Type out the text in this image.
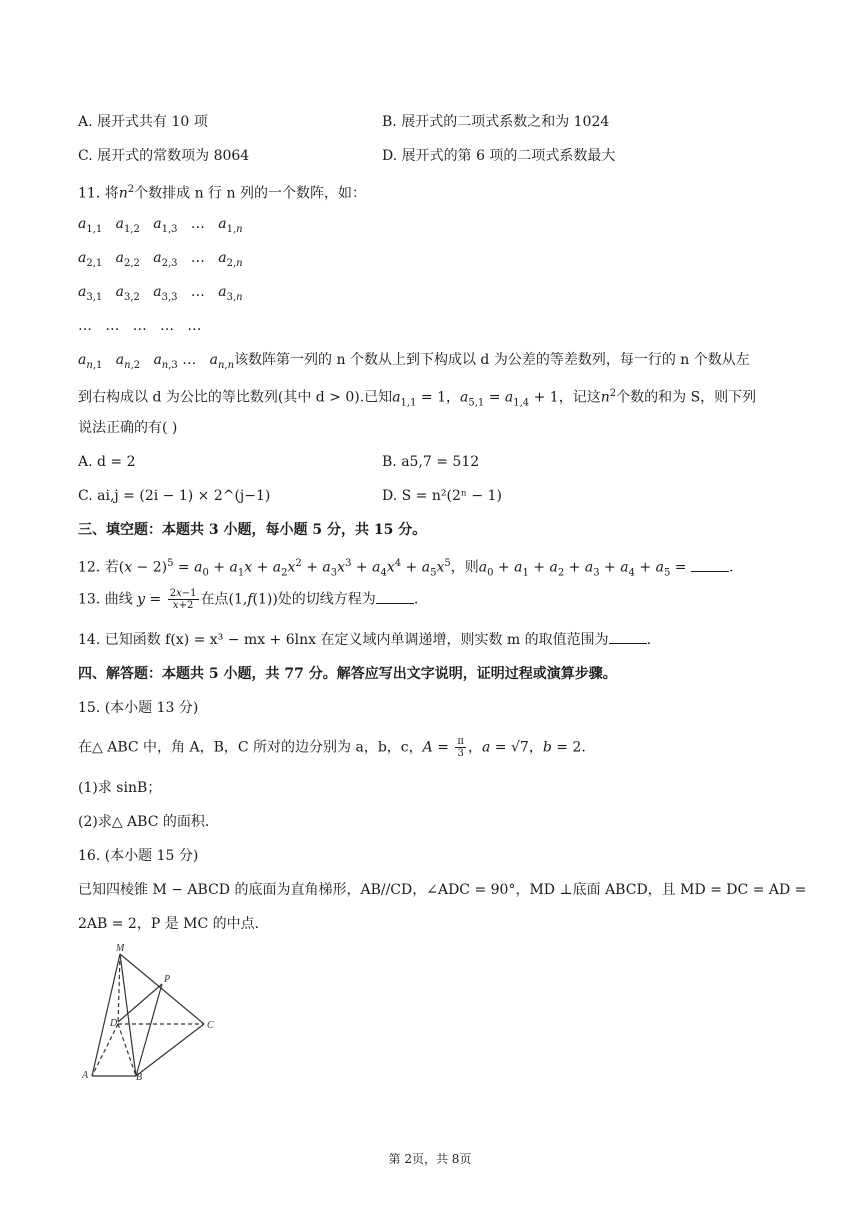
A. 展开式共有 10 项	B. 展开式的二项式系数之和为 1024
C. 展开式的常数项为 8064	D. 展开式的第 6 项的二项式系数最大
11. 将$n^2$个数排成 n 行 n 列的一个数阵，如：
$a_{1,1}$ $a_{1,2}$ $a_{1,3}$   …   $a_{1,n}$
$a_{2,1}$ $a_{2,2}$ $a_{2,3}$   …   $a_{2,n}$
$a_{3,1}$ $a_{3,2}$ $a_{3,3}$   …   $a_{3,n}$
…   …   …   …   …
$a_{n,1}$ $a_{n,2}$ $a_{n,3}$ …   $a_{n,n}$该数阵第一列的 n 个数从上到下构成以 d 为公差的等差数列，每一行的 n 个数从左
到右构成以 d 为公比的等比数列(其中 d > 0).已知$a_{1,1} = 1$，$a_{5,1} = a_{1,4} + 1$，记这$n^2$个数的和为 S，则下列
说法正确的有( )
A. d = 2	B. a5,7 = 512
C. ai,j = (2i − 1) × 2^(j−1)	D. S = n²(2ⁿ − 1)
三、填空题：本题共 3 小题，每小题 5 分，共 15 分。
12. 若$(x - 2)^5 = a_0 + a_1x + a_2x^2 + a_3x^3 + a_4x^4 + a_5x^5$，则$a_0 + a_1 + a_2 + a_3 + a_4 + a_5$ =	.
13. 曲线 $y = \frac{2x-1}{x+2}$ 在点(1,f(1))处的切线方程为	.
14. 已知函数 f(x) = x³ − mx + 6lnx 在定义域内单调递增，则实数 m 的取值范围为	.
四、解答题：本题共 5 小题，共 77 分。解答应写出文字说明，证明过程或演算步骤。
15. (本小题 13 分)
在△ ABC 中，角 A，B，C 所对的边分别为 a，b，c，$A = \frac{\pi}{3}$ ，a = √7，b = 2.
(1)求 sinB；
(2)求△ ABC 的面积.
16. (本小题 15 分)
已知四棱锥 M − ABCD 的底面为直角梯形，AB//CD，∠ADC = 90°，MD ⊥底面 ABCD，且 MD = DC = AD =
2AB = 2，P 是 MC 的中点.
M
P
D	C
A	B
第 2页，共 8页
